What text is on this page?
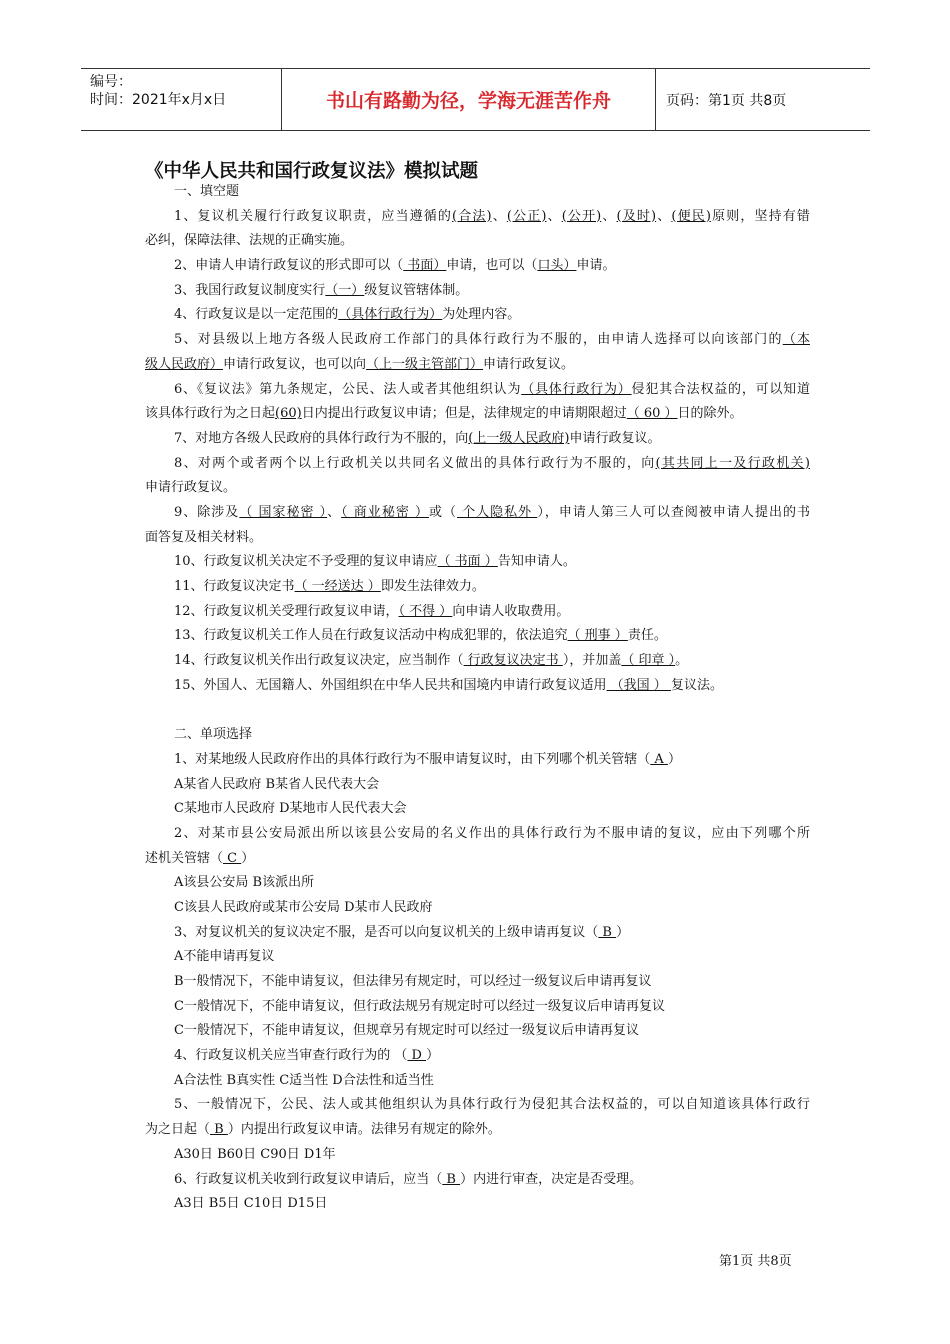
编号：
时间：2021年x月x日	书山有路勤为径，学海无涯苦作舟	页码：第1页 共8页
《中华人民共和国行政复议法》模拟试题
一、填空题
1、复议机关履行行政复议职责，应当遵循的(合法)、(公正)、(公开)、(及时)、(便民)原则，坚持有错
必纠，保障法律、法规的正确实施。
2、申请人申请行政复议的形式即可以（ 书面）申请，也可以（口头）申请。
3、我国行政复议制度实行（一）级复议管辖体制。
4、行政复议是以一定范围的（具体行政行为）为处理内容。
5、对县级以上地方各级人民政府工作部门的具体行政行为不服的，由申请人选择可以向该部门的（本
级人民政府）申请行政复议，也可以向（上一级主管部门）申请行政复议。
6、《复议法》第九条规定，公民、法人或者其他组织认为（具体行政行为）侵犯其合法权益的，可以知道
该具体行政行为之日起(60)日内提出行政复议申请；但是，法律规定的申请期限超过（ 60 ）日的除外。
7、对地方各级人民政府的具体行政行为不服的，向(上一级人民政府)申请行政复议。
8、对两个或者两个以上行政机关以共同名义做出的具体行政行为不服的，向(其共同上一及行政机关)
申请行政复议。
9、除涉及（ 国家秘密 ）、（ 商业秘密 ）或（ 个人隐私外 ），申请人第三人可以查阅被申请人提出的书
面答复及相关材料。
10、行政复议机关决定不予受理的复议申请应（ 书面 ）告知申请人。
11、行政复议决定书（ 一经送达 ）即发生法律效力。
12、行政复议机关受理行政复议申请，（ 不得 ）向申请人收取费用。
13、行政复议机关工作人员在行政复议活动中构成犯罪的，依法追究（ 刑事 ）责任。
14、行政复议机关作出行政复议决定，应当制作（ 行政复议决定书 ），并加盖（ 印章 ）。
15、外国人、无国籍人、外国组织在中华人民共和国境内申请行政复议适用 （我国 ） 复议法。
二、单项选择
1、对某地级人民政府作出的具体行政行为不服申请复议时，由下列哪个机关管辖（ A ）
A某省人民政府 B某省人民代表大会
C某地市人民政府 D某地市人民代表大会
2、对某市县公安局派出所以该县公安局的名义作出的具体行政行为不服申请的复议，应由下列哪个所
述机关管辖（ C ）
A该县公安局 B该派出所
C该县人民政府或某市公安局 D某市人民政府
3、对复议机关的复议决定不服，是否可以向复议机关的上级申请再复议（ B ）
A不能申请再复议
B一般情况下，不能申请复议，但法律另有规定时，可以经过一级复议后申请再复议
C一般情况下，不能申请复议，但行政法规另有规定时可以经过一级复议后申请再复议
C一般情况下，不能申请复议，但规章另有规定时可以经过一级复议后申请再复议
4、行政复议机关应当审查行政行为的 （ D ）
A合法性 B真实性 C适当性 D合法性和适当性
5、一般情况下，公民、法人或其他组织认为具体行政行为侵犯其合法权益的，可以自知道该具体行政行
为之日起（ B ）内提出行政复议申请。法律另有规定的除外。
A30日 B60日 C90日 D1年
6、行政复议机关收到行政复议申请后，应当（ B ）内进行审查，决定是否受理。
A3日 B5日 C10日 D15日
第1页 共8页
